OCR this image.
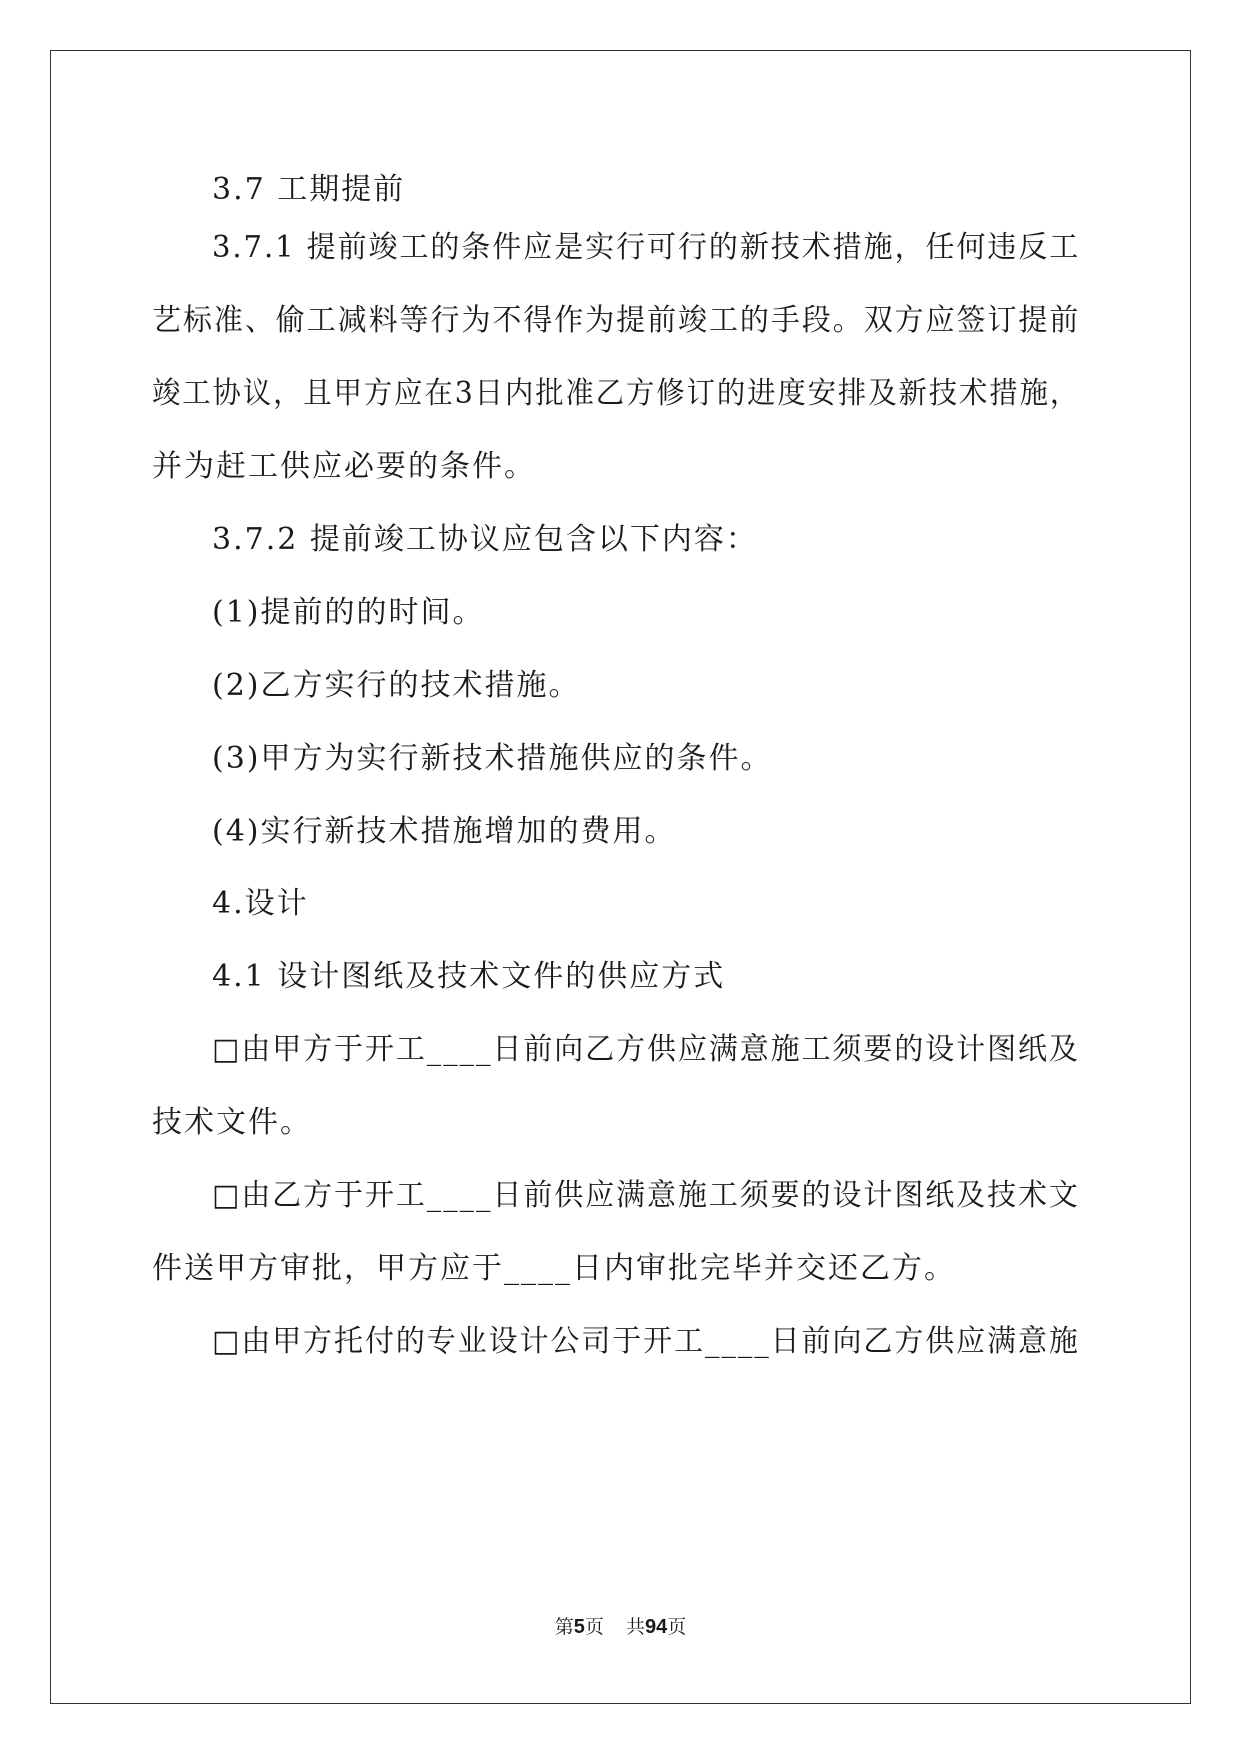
3.7 工期提前
3.7.1 提前竣工的条件应是实行可行的新技术措施，任何违反工
艺标准、偷工减料等行为不得作为提前竣工的手段。双方应签订提前
竣工协议，且甲方应在3日内批准乙方修订的进度安排及新技术措施，
并为赶工供应必要的条件。
3.7.2 提前竣工协议应包含以下内容：
(1)提前的的时间。
(2)乙方实行的技术措施。
(3)甲方为实行新技术措施供应的条件。
(4)实行新技术措施增加的费用。
4.设计
4.1 设计图纸及技术文件的供应方式
□由甲方于开工____日前向乙方供应满意施工须要的设计图纸及
技术文件。
□由乙方于开工____日前供应满意施工须要的设计图纸及技术文
件送甲方审批，甲方应于____日内审批完毕并交还乙方。
□由甲方托付的专业设计公司于开工____日前向乙方供应满意施
第5页 共94页
